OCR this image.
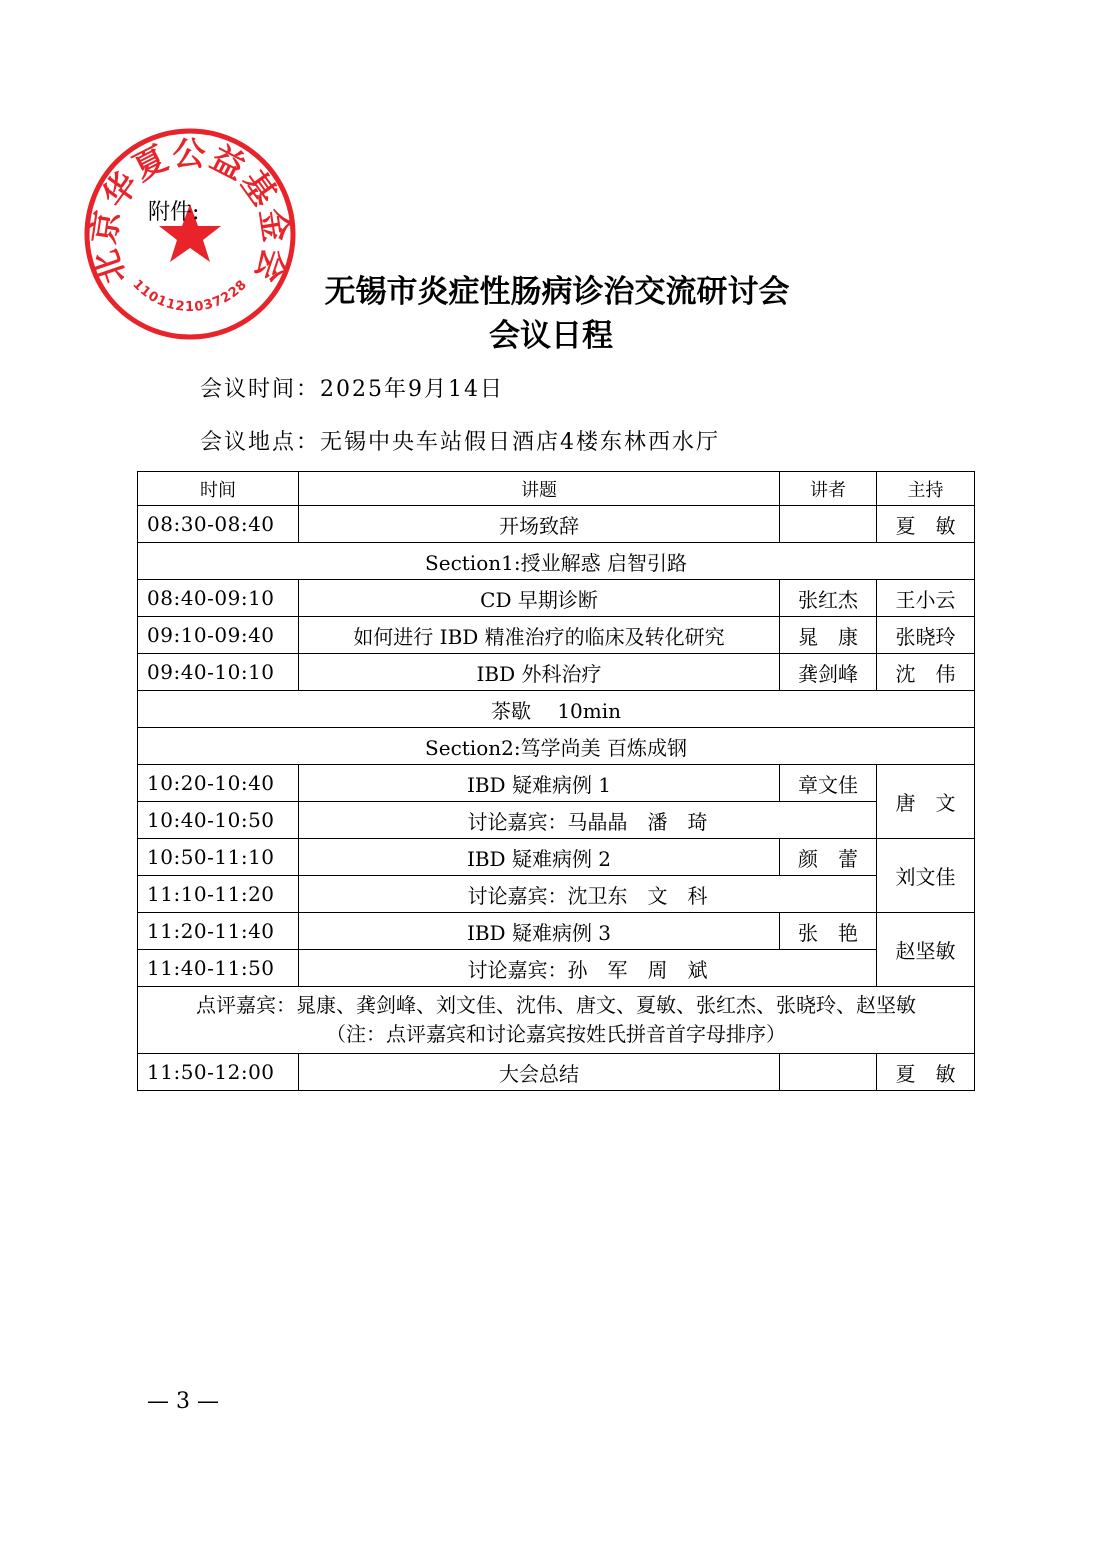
北京华夏公益基金会
1101121037228
附件:
无锡市炎症性肠病诊治交流研讨会
会议日程
会议时间：2025年9月14日
会议地点：无锡中央车站假日酒店4楼东林西水厅
时间	讲题	讲者	主持
08:30-08:40	开场致辞		夏　敏
Section1:授业解惑 启智引路			
08:40-09:10	CD 早期诊断	张红杰	王小云
09:10-09:40	如何进行 IBD 精准治疗的临床及转化研究	晁　康	张晓玲
09:40-10:10	IBD 外科治疗	龚剑峰	沈　伟
茶歇　 10min			
Section2:笃学尚美 百炼成钢			
10:20-10:40	IBD 疑难病例 1	章文佳	唐　文
10:40-10:50	讨论嘉宾：马晶晶　潘　琦		
10:50-11:10	IBD 疑难病例 2	颜　蕾	刘文佳
11:10-11:20	讨论嘉宾：沈卫东　文　科		
11:20-11:40	IBD 疑难病例 3	张　艳	赵坚敏
11:40-11:50	讨论嘉宾：孙　军　周　斌		

点评嘉宾：晁康、龚剑峰、刘文佳、沈伟、唐文、夏敏、张红杰、张晓玲、赵坚敏
（注：点评嘉宾和讨论嘉宾按姓氏拼音首字母排序）			

11:50-12:00	大会总结		夏　敏
— 3 —
